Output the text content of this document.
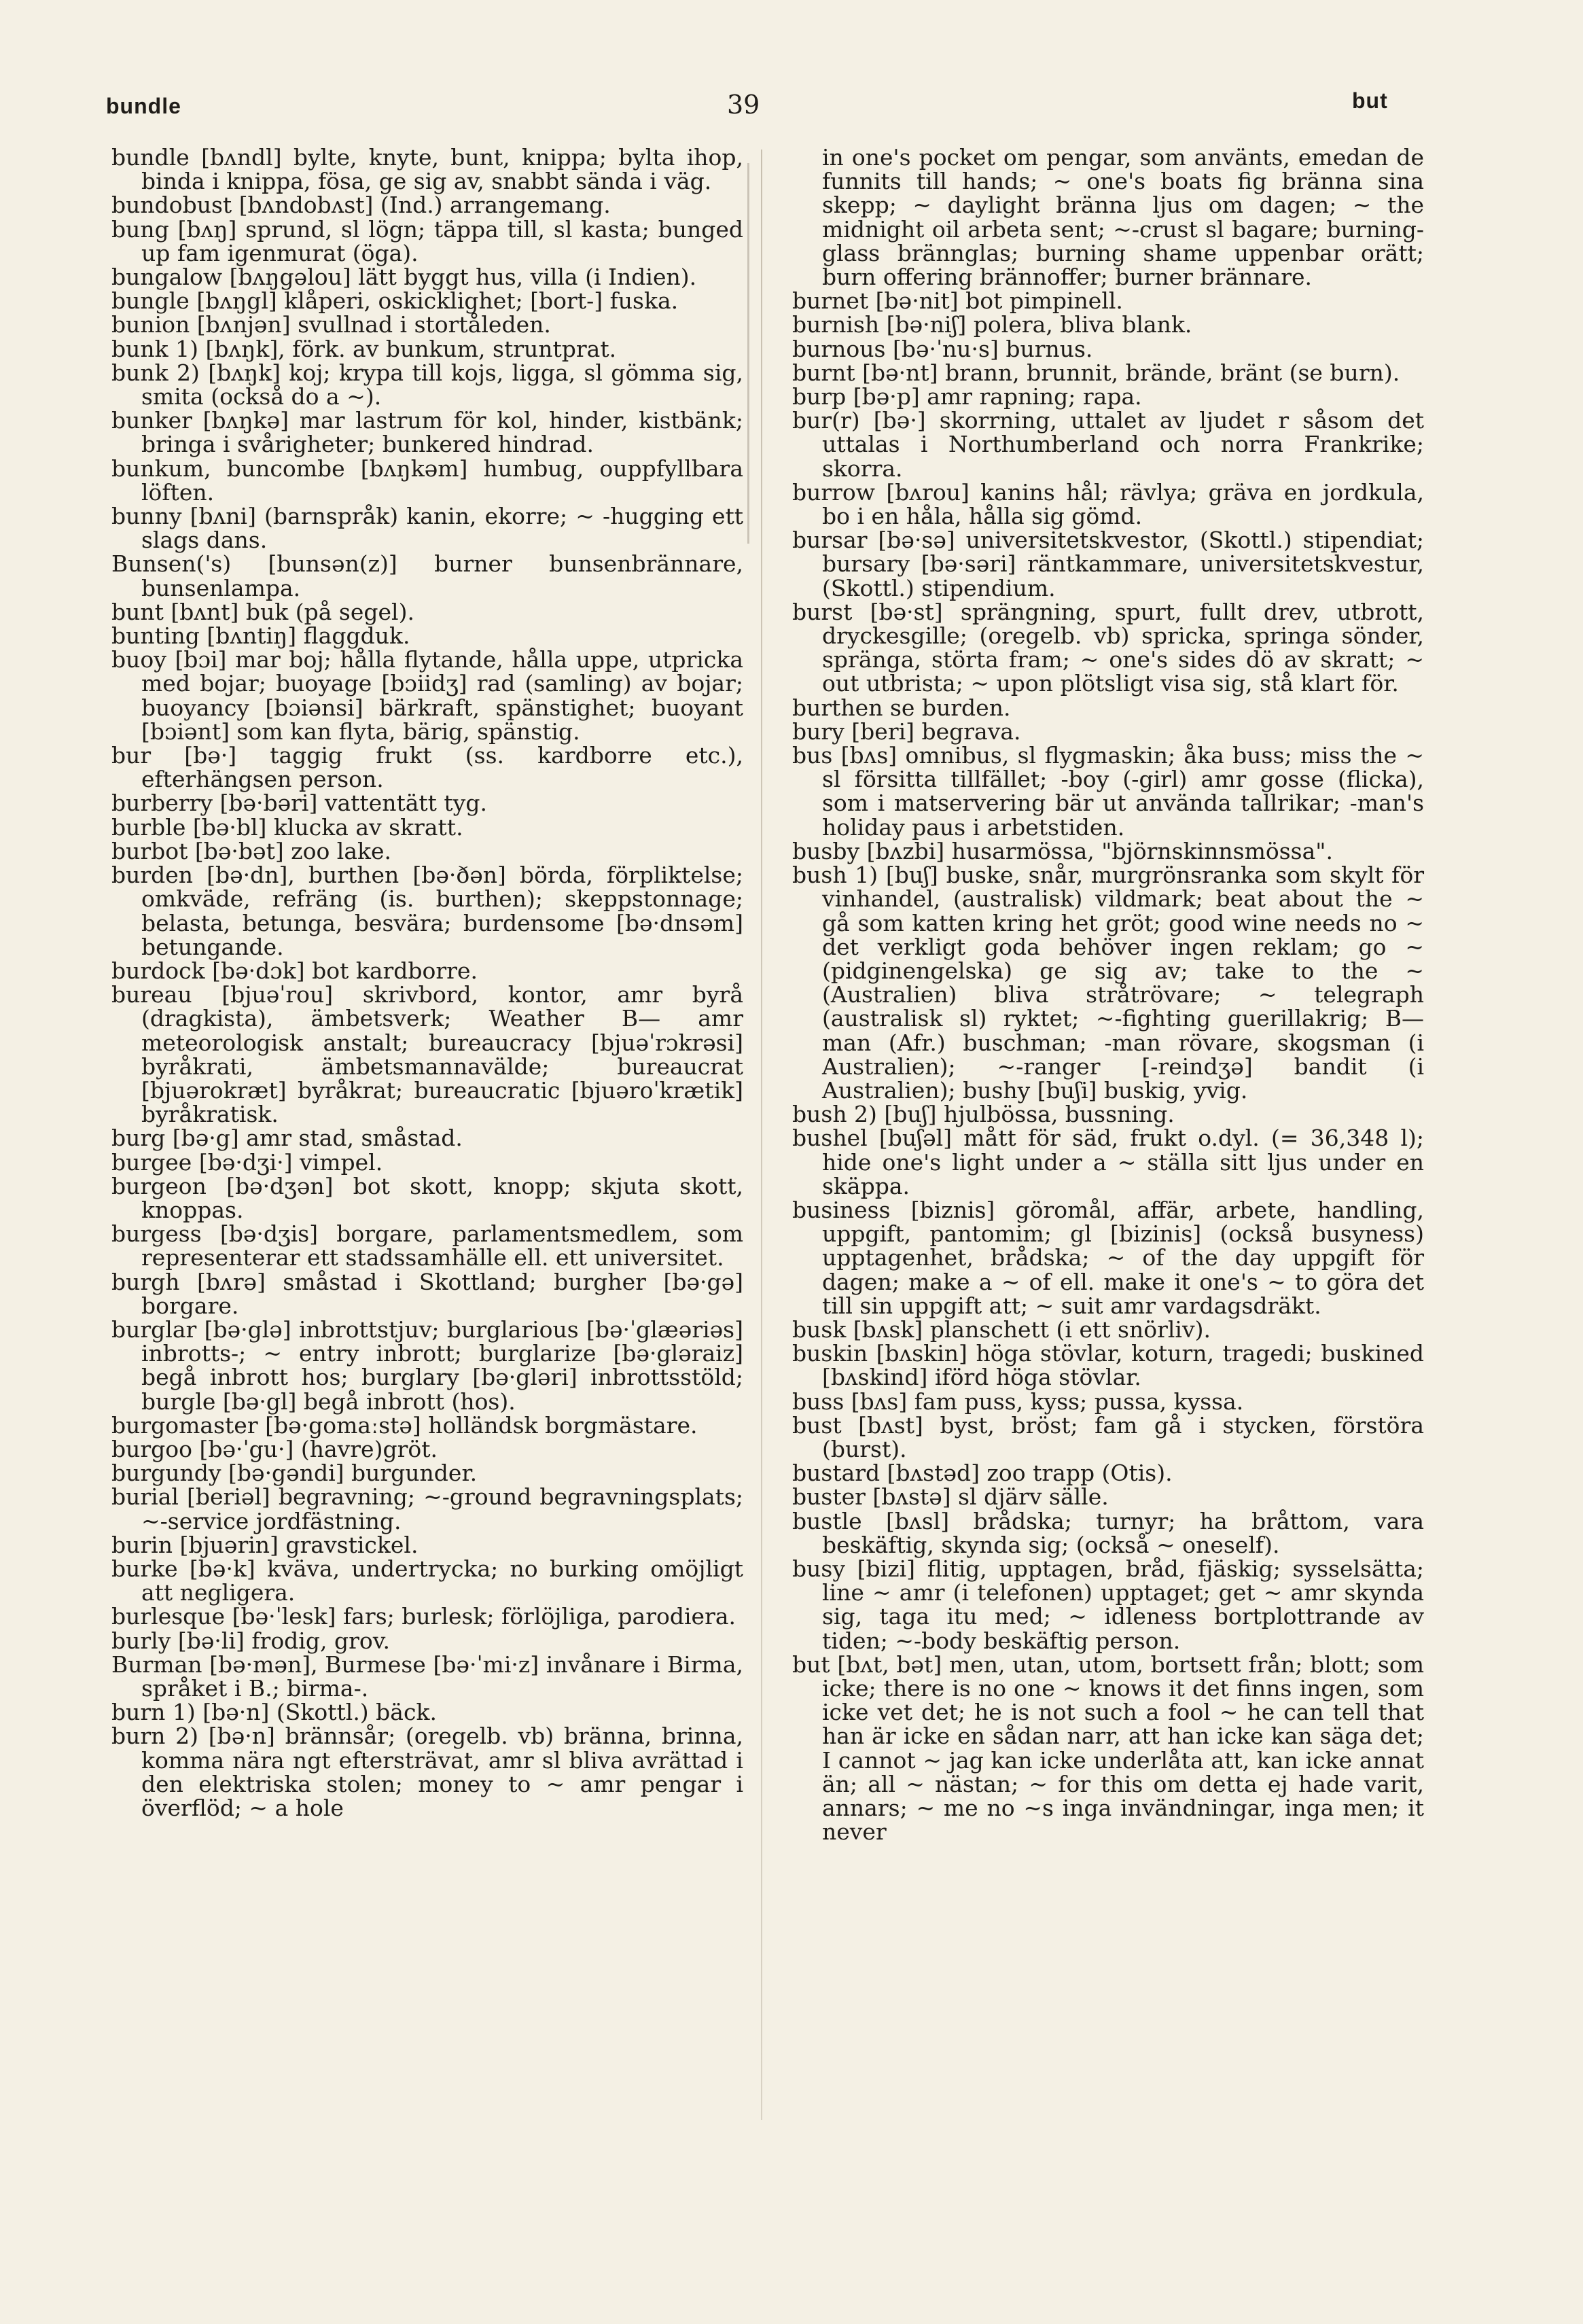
bundle	39	but

bundle [bʌndl] bylte, knyte, bunt, knippa; bylta ihop, binda i knippa, fösa, ge sig av, snabbt sända i väg.

bundobust [bʌndobʌst] (Ind.) arrangemang.

bung [bʌŋ] sprund, sl lögn; täppa till, sl kasta; bunged up fam igenmurat (öga).

bungalow [bʌŋgəlou] lätt byggt hus, villa (i Indien).

bungle [bʌŋgl] klåperi, oskicklighet; [bort-] fuska.

bunion [bʌnjən] svullnad i stortåleden.

bunk 1) [bʌŋk], förk. av bunkum, struntprat.

bunk 2) [bʌŋk] koj; krypa till kojs, ligga, sl gömma sig, smita (också do a ~).

bunker [bʌŋkə] mar lastrum för kol, hinder, kistbänk; bringa i svårigheter; bunkered hindrad.

bunkum, buncombe [bʌŋkəm] humbug, ouppfyllbara löften.

bunny [bʌni] (barnspråk) kanin, ekorre; ~ -hugging ett slags dans.

Bunsen('s) [bunsən(z)] burner bunsenbrännare, bunsenlampa.

bunt [bʌnt] buk (på segel).

bunting [bʌntiŋ] flaggduk.

buoy [bɔi] mar boj; hålla flytande, hålla uppe, utpricka med bojar; buoyage [bɔiidʒ] rad (samling) av bojar; buoyancy [bɔiənsi] bärkraft, spänstighet; buoyant [bɔiənt] som kan flyta, bärig, spänstig.

bur [bə·] taggig frukt (ss. kardborre etc.), efterhängsen person.

burberry [bə·bəri] vattentätt tyg.

burble [bə·bl] klucka av skratt.

burbot [bə·bət] zoo lake.

burden [bə·dn], burthen [bə·ðən] börda, förpliktelse; omkväde, refräng (is. burthen); skeppstonnage; belasta, betunga, besvära; burdensome [bə·dnsəm] betungande.

burdock [bə·dɔk] bot kardborre.

bureau [bjuəˈrou] skrivbord, kontor, amr byrå (dragkista), ämbetsverk; Weather B— amr meteorologisk anstalt; bureaucracy [bjuəˈrɔkrəsi] byråkrati, ämbetsmannavälde; bureaucrat [bjuərokræt] byråkrat; bureaucratic [bjuəroˈkrætik] byråkratisk.

burg [bə·g] amr stad, småstad.

burgee [bə·dʒi·] vimpel.

burgeon [bə·dʒən] bot skott, knopp; skjuta skott, knoppas.

burgess [bə·dʒis] borgare, parlamentsmedlem, som representerar ett stadssamhälle ell. ett universitet.

burgh [bʌrə] småstad i Skottland; burgher [bə·gə] borgare.

burglar [bə·glə] inbrottstjuv; burglarious [bə·ˈglæəriəs] inbrotts-; ~ entry inbrott; burglarize [bə·gləraiz] begå inbrott hos; burglary [bə·gləri] inbrottsstöld; burgle [bə·gl] begå inbrott (hos).

burgomaster [bə·gomaːstə] holländsk borgmästare.

burgoo [bə·ˈgu·] (havre)gröt.

burgundy [bə·gəndi] burgunder.

burial [beriəl] begravning; ~-ground begravningsplats; ~-service jordfästning.

burin [bjuərin] gravstickel.

burke [bə·k] kväva, undertrycka; no burking omöjligt att negligera.

burlesque [bə·ˈlesk] fars; burlesk; förlöjliga, parodiera.

burly [bə·li] frodig, grov.

Burman [bə·mən], Burmese [bə·ˈmi·z] invånare i Birma, språket i B.; birma-.

burn 1) [bə·n] (Skottl.) bäck.

burn 2) [bə·n] brännsår; (oregelb. vb) bränna, brinna, komma nära ngt eftersträvat, amr sl bliva avrättad i den elektriska stolen; money to ~ amr pengar i överflöd; ~ a hole

in one's pocket om pengar, som använts, emedan de funnits till hands; ~ one's boats fig bränna sina skepp; ~ daylight bränna ljus om dagen; ~ the midnight oil arbeta sent; ~-crust sl bagare; burning-glass brännglas; burning shame uppenbar orätt; burn offering brännoffer; burner brännare.

burnet [bə·nit] bot pimpinell.

burnish [bə·niʃ] polera, bliva blank.

burnous [bə·ˈnu·s] burnus.

burnt [bə·nt] brann, brunnit, brände, bränt (se burn).

burp [bə·p] amr rapning; rapa.

bur(r) [bə·] skorrning, uttalet av ljudet r såsom det uttalas i Northumberland och norra Frankrike; skorra.

burrow [bʌrou] kanins hål; rävlya; gräva en jordkula, bo i en håla, hålla sig gömd.

bursar [bə·sə] universitetskvestor, (Skottl.) stipendiat; bursary [bə·səri] räntkammare, universitetskvestur, (Skottl.) stipendium.

burst [bə·st] sprängning, spurt, fullt drev, utbrott, dryckesgille; (oregelb. vb) spricka, springa sönder, spränga, störta fram; ~ one's sides dö av skratt; ~ out utbrista; ~ upon plötsligt visa sig, stå klart för.

burthen se burden.

bury [beri] begrava.

bus [bʌs] omnibus, sl flygmaskin; åka buss; miss the ~ sl försitta tillfället; -boy (-girl) amr gosse (flicka), som i matservering bär ut använda tallrikar; -man's holiday paus i arbetstiden.

busby [bʌzbi] husarmössa, "björnskinnsmössa".

bush 1) [buʃ] buske, snår, murgrönsranka som skylt för vinhandel, (australisk) vildmark; beat about the ~ gå som katten kring het gröt; good wine needs no ~ det verkligt goda behöver ingen reklam; go ~ (pidginengelska) ge sig av; take to the ~ (Australien) bliva stråtrövare; ~ telegraph (australisk sl) ryktet; ~-fighting guerillakrig; B—man (Afr.) buschman; -man rövare, skogsman (i Australien); ~-ranger [-reindʒə] bandit (i Australien); bushy [buʃi] buskig, yvig.

bush 2) [buʃ] hjulbössa, bussning.

bushel [buʃəl] mått för säd, frukt o.dyl. (= 36,348 l); hide one's light under a ~ ställa sitt ljus under en skäppa.

business [biznis] göromål, affär, arbete, handling, uppgift, pantomim; gl [bizinis] (också busyness) upptagenhet, brådska; ~ of the day uppgift för dagen; make a ~ of ell. make it one's ~ to göra det till sin uppgift att; ~ suit amr vardagsdräkt.

busk [bʌsk] planschett (i ett snörliv).

buskin [bʌskin] höga stövlar, koturn, tragedi; buskined [bʌskind] iförd höga stövlar.

buss [bʌs] fam puss, kyss; pussa, kyssa.

bust [bʌst] byst, bröst; fam gå i stycken, förstöra (burst).

bustard [bʌstəd] zoo trapp (Otis).

buster [bʌstə] sl djärv sälle.

bustle [bʌsl] brådska; turnyr; ha bråttom, vara beskäftig, skynda sig; (också ~ oneself).

busy [bizi] flitig, upptagen, bråd, fjäskig; sysselsätta; line ~ amr (i telefonen) upptaget; get ~ amr skynda sig, taga itu med; ~ idleness bortplottrande av tiden; ~-body beskäftig person.

but [bʌt, bət] men, utan, utom, bortsett från; blott; som icke; there is no one ~ knows it det finns ingen, som icke vet det; he is not such a fool ~ he can tell that han är icke en sådan narr, att han icke kan säga det; I cannot ~ jag kan icke underlåta att, kan icke annat än; all ~ nästan; ~ for this om detta ej hade varit, annars; ~ me no ~s inga invändningar, inga men; it never
